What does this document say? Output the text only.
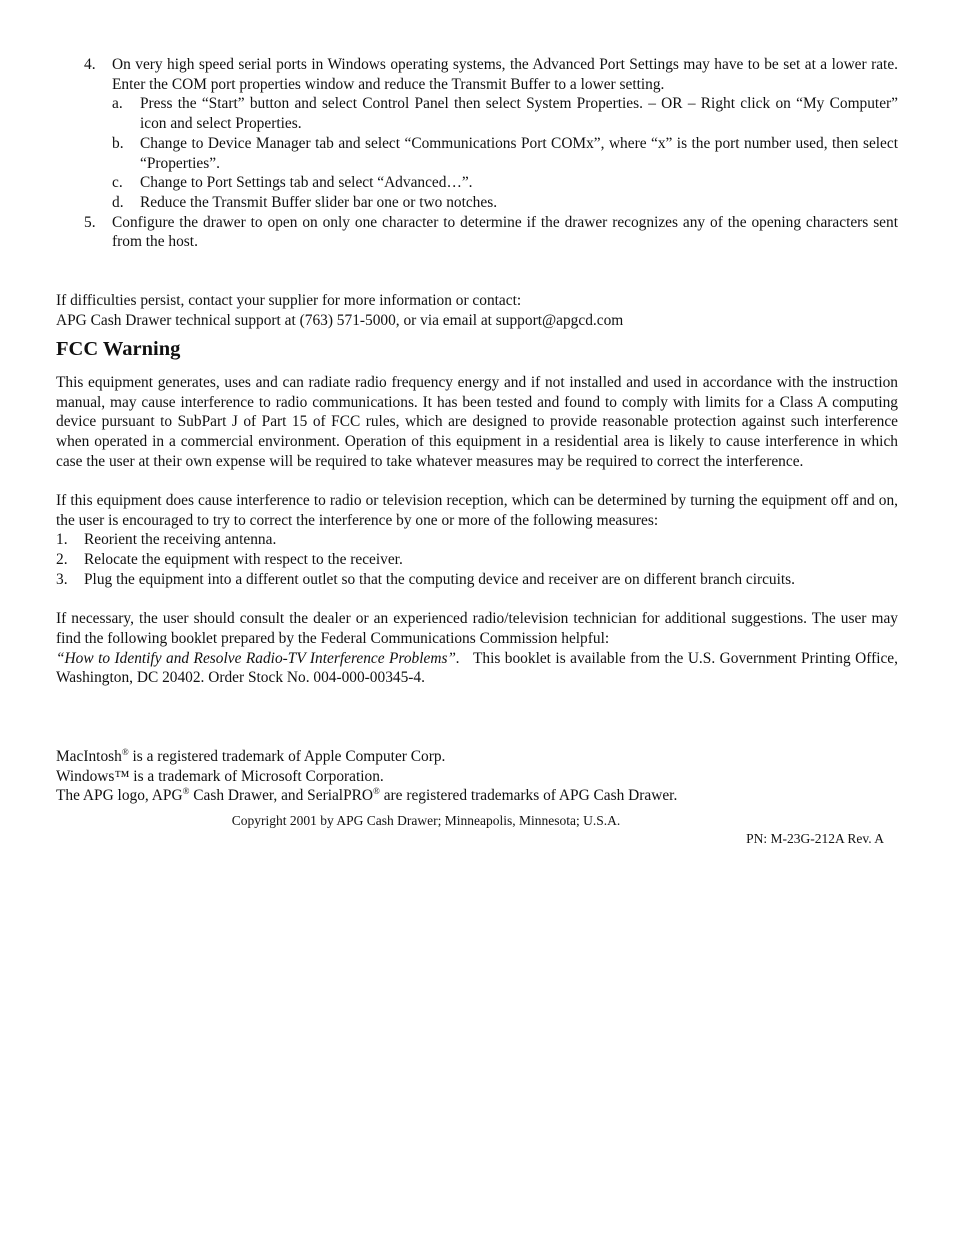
4. On very high speed serial ports in Windows operating systems, the Advanced Port Settings may have to be set at a lower rate. Enter the COM port properties window and reduce the Transmit Buffer to a lower setting.
a. Press the “Start” button and select Control Panel then select System Properties. – OR – Right click on “My Computer” icon and select Properties.
b. Change to Device Manager tab and select “Communications Port COMx”, where “x” is the port number used, then select “Properties”.
c. Change to Port Settings tab and select “Advanced…”.
d. Reduce the Transmit Buffer slider bar one or two notches.
5. Configure the drawer to open on only one character to determine if the drawer recognizes any of the opening characters sent from the host.
If difficulties persist, contact your supplier for more information or contact:
APG Cash Drawer technical support at (763) 571-5000, or via email at support@apgcd.com
FCC Warning

This equipment generates, uses and can radiate radio frequency energy and if not installed and used in accordance with the instruction manual, may cause interference to radio communications. It has been tested and found to comply with limits for a Class A computing device pursuant to SubPart J of Part 15 of FCC rules, which are designed to provide reasonable protection against such interference when operated in a commercial environment. Operation of this equipment in a residential area is likely to cause interference in which case the user at their own expense will be required to take whatever measures may be required to correct the interference.

If this equipment does cause interference to radio or television reception, which can be determined by turning the equipment off and on, the user is encouraged to try to correct the interference by one or more of the following measures:

1. Reorient the receiving antenna.
2. Relocate the equipment with respect to the receiver.
3. Plug the equipment into a different outlet so that the computing device and receiver are on different branch circuits.

If necessary, the user should consult the dealer or an experienced radio/television technician for additional suggestions. The user may find the following booklet prepared by the Federal Communications Commission helpful:
“How to Identify and Resolve Radio-TV Interference Problems”. This booklet is available from the U.S. Government Printing Office, Washington, DC 20402. Order Stock No. 004-000-00345-4.

MacIntosh® is a registered trademark of Apple Computer Corp.
Windows™ is a trademark of Microsoft Corporation.
The APG logo, APG® Cash Drawer, and SerialPRO® are registered trademarks of APG Cash Drawer.
Copyright 2001 by APG Cash Drawer; Minneapolis, Minnesota; U.S.A.
PN: M-23G-212A Rev. A
